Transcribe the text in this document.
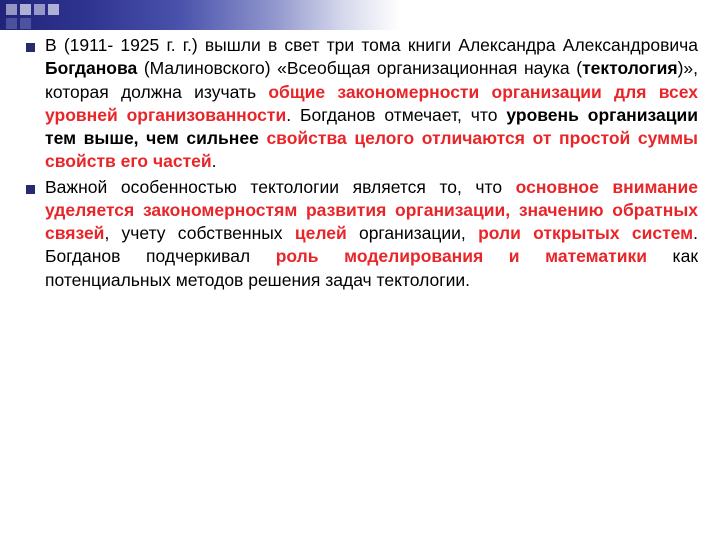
В (1911- 1925 г. г.) вышли в свет три тома книги Александра Александровича Богданова (Малиновского) «Всеобщая организационная наука (тектология)», которая должна изучать общие закономерности организации для всех уровней организованности. Богданов отмечает, что уровень организации тем выше, чем сильнее свойства целого отличаются от простой суммы свойств его частей.
Важной особенностью тектологии является то, что основное внимание уделяется закономерностям развития организации, значению обратных связей, учету собственных целей организации, роли открытых систем. Богданов подчеркивал роль моделирования и математики как потенциальных методов решения задач тектологии.
